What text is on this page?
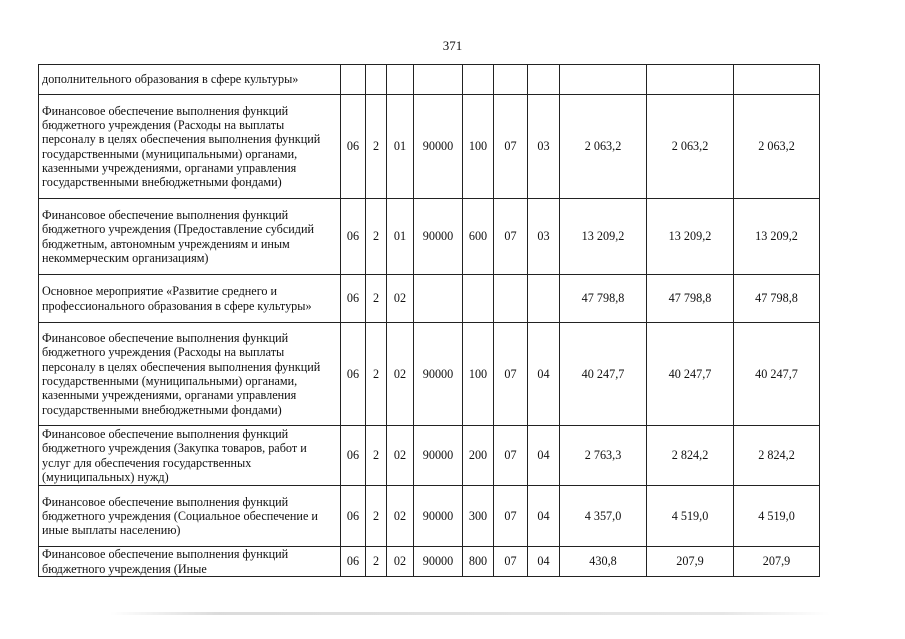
371
	дополнительного образования в сфере культуры»										
	Финансовое обеспечение выполнения функций бюджетного учреждения (Расходы на выплаты персоналу в целях обеспечения выполнения функций государственными (муниципальными) органами, казенными учреждениями, органами управления государственными внебюджетными фондами)	06	2	01	90000	100	07	03	2 063,2	2 063,2	2 063,2
	Финансовое обеспечение выполнения функций бюджетного учреждения (Предоставление субсидий бюджетным, автономным учреждениям и иным некоммерческим организациям)	06	2	01	90000	600	07	03	13 209,2	13 209,2	13 209,2
	Основное мероприятие «Развитие среднего и профессионального образования в сфере культуры»	06	2	02					47 798,8	47 798,8	47 798,8
	Финансовое обеспечение выполнения функций бюджетного учреждения (Расходы на выплаты персоналу в целях обеспечения выполнения функций государственными (муниципальными) органами, казенными учреждениями, органами управления государственными внебюджетными фондами)	06	2	02	90000	100	07	04	40 247,7	40 247,7	40 247,7
	Финансовое обеспечение выполнения функций бюджетного учреждения (Закупка товаров, работ и услуг для обеспечения государственных (муниципальных) нужд)	06	2	02	90000	200	07	04	2 763,3	2 824,2	2 824,2
	Финансовое обеспечение выполнения функций бюджетного учреждения (Социальное обеспечение и иные выплаты населению)	06	2	02	90000	300	07	04	4 357,0	4 519,0	4 519,0
	Финансовое обеспечение выполнения функций бюджетного учреждения (Иные	06	2	02	90000	800	07	04	430,8	207,9	207,9
